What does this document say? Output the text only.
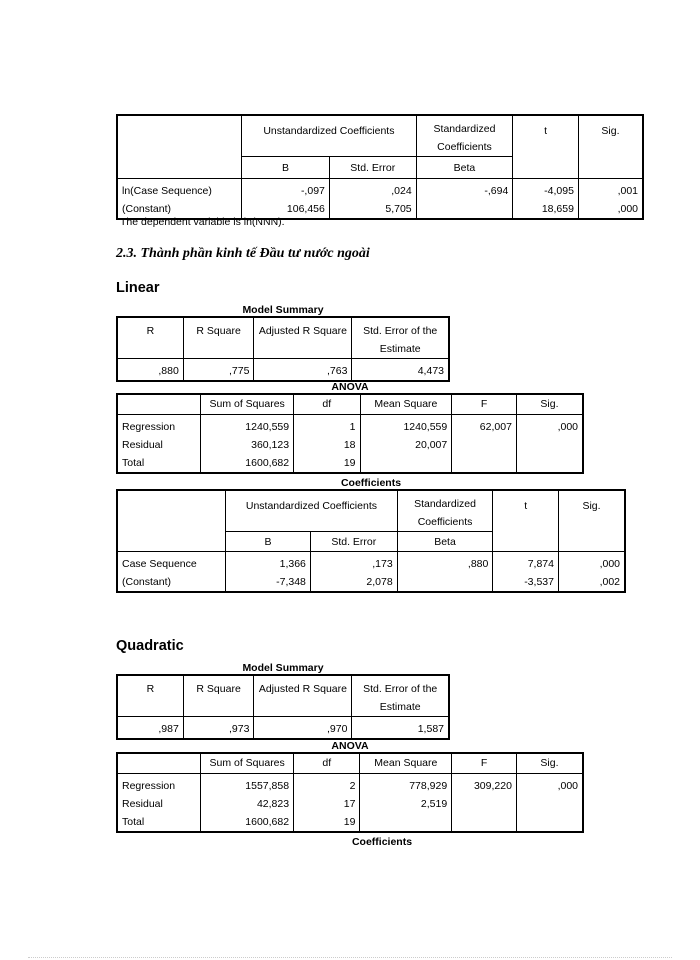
	Unstandardized Coefficients		Standardized Coefficients	t	Sig.
	B	Std. Error	Beta		
ln(Case Sequence)	-,097	,024	-,694	-4,095	,001
(Constant)	106,456	5,705		18,659	,000
The dependent variable is ln(NNN).
2.3. Thành phần kinh tế Đầu tư nước ngoài
Linear
Model Summary
R	R Square	Adjusted R Square	Std. Error of the Estimate
,880	,775	,763	4,473
ANOVA
	Sum of Squares	df	Mean Square	F	Sig.
Regression	1240,559	1	1240,559	62,007	,000
Residual	360,123	18	20,007		
Total	1600,682	19			
Coefficients
	Unstandardized Coefficients		Standardized Coefficients	t	Sig.
	B	Std. Error	Beta		
Case Sequence	1,366	,173	,880	7,874	,000
(Constant)	-7,348	2,078		-3,537	,002
Quadratic
Model Summary
R	R Square	Adjusted R Square	Std. Error of the Estimate
,987	,973	,970	1,587
ANOVA
	Sum of Squares	df	Mean Square	F	Sig.
Regression	1557,858	2	778,929	309,220	,000
Residual	42,823	17	2,519		
Total	1600,682	19			
Coefficients
